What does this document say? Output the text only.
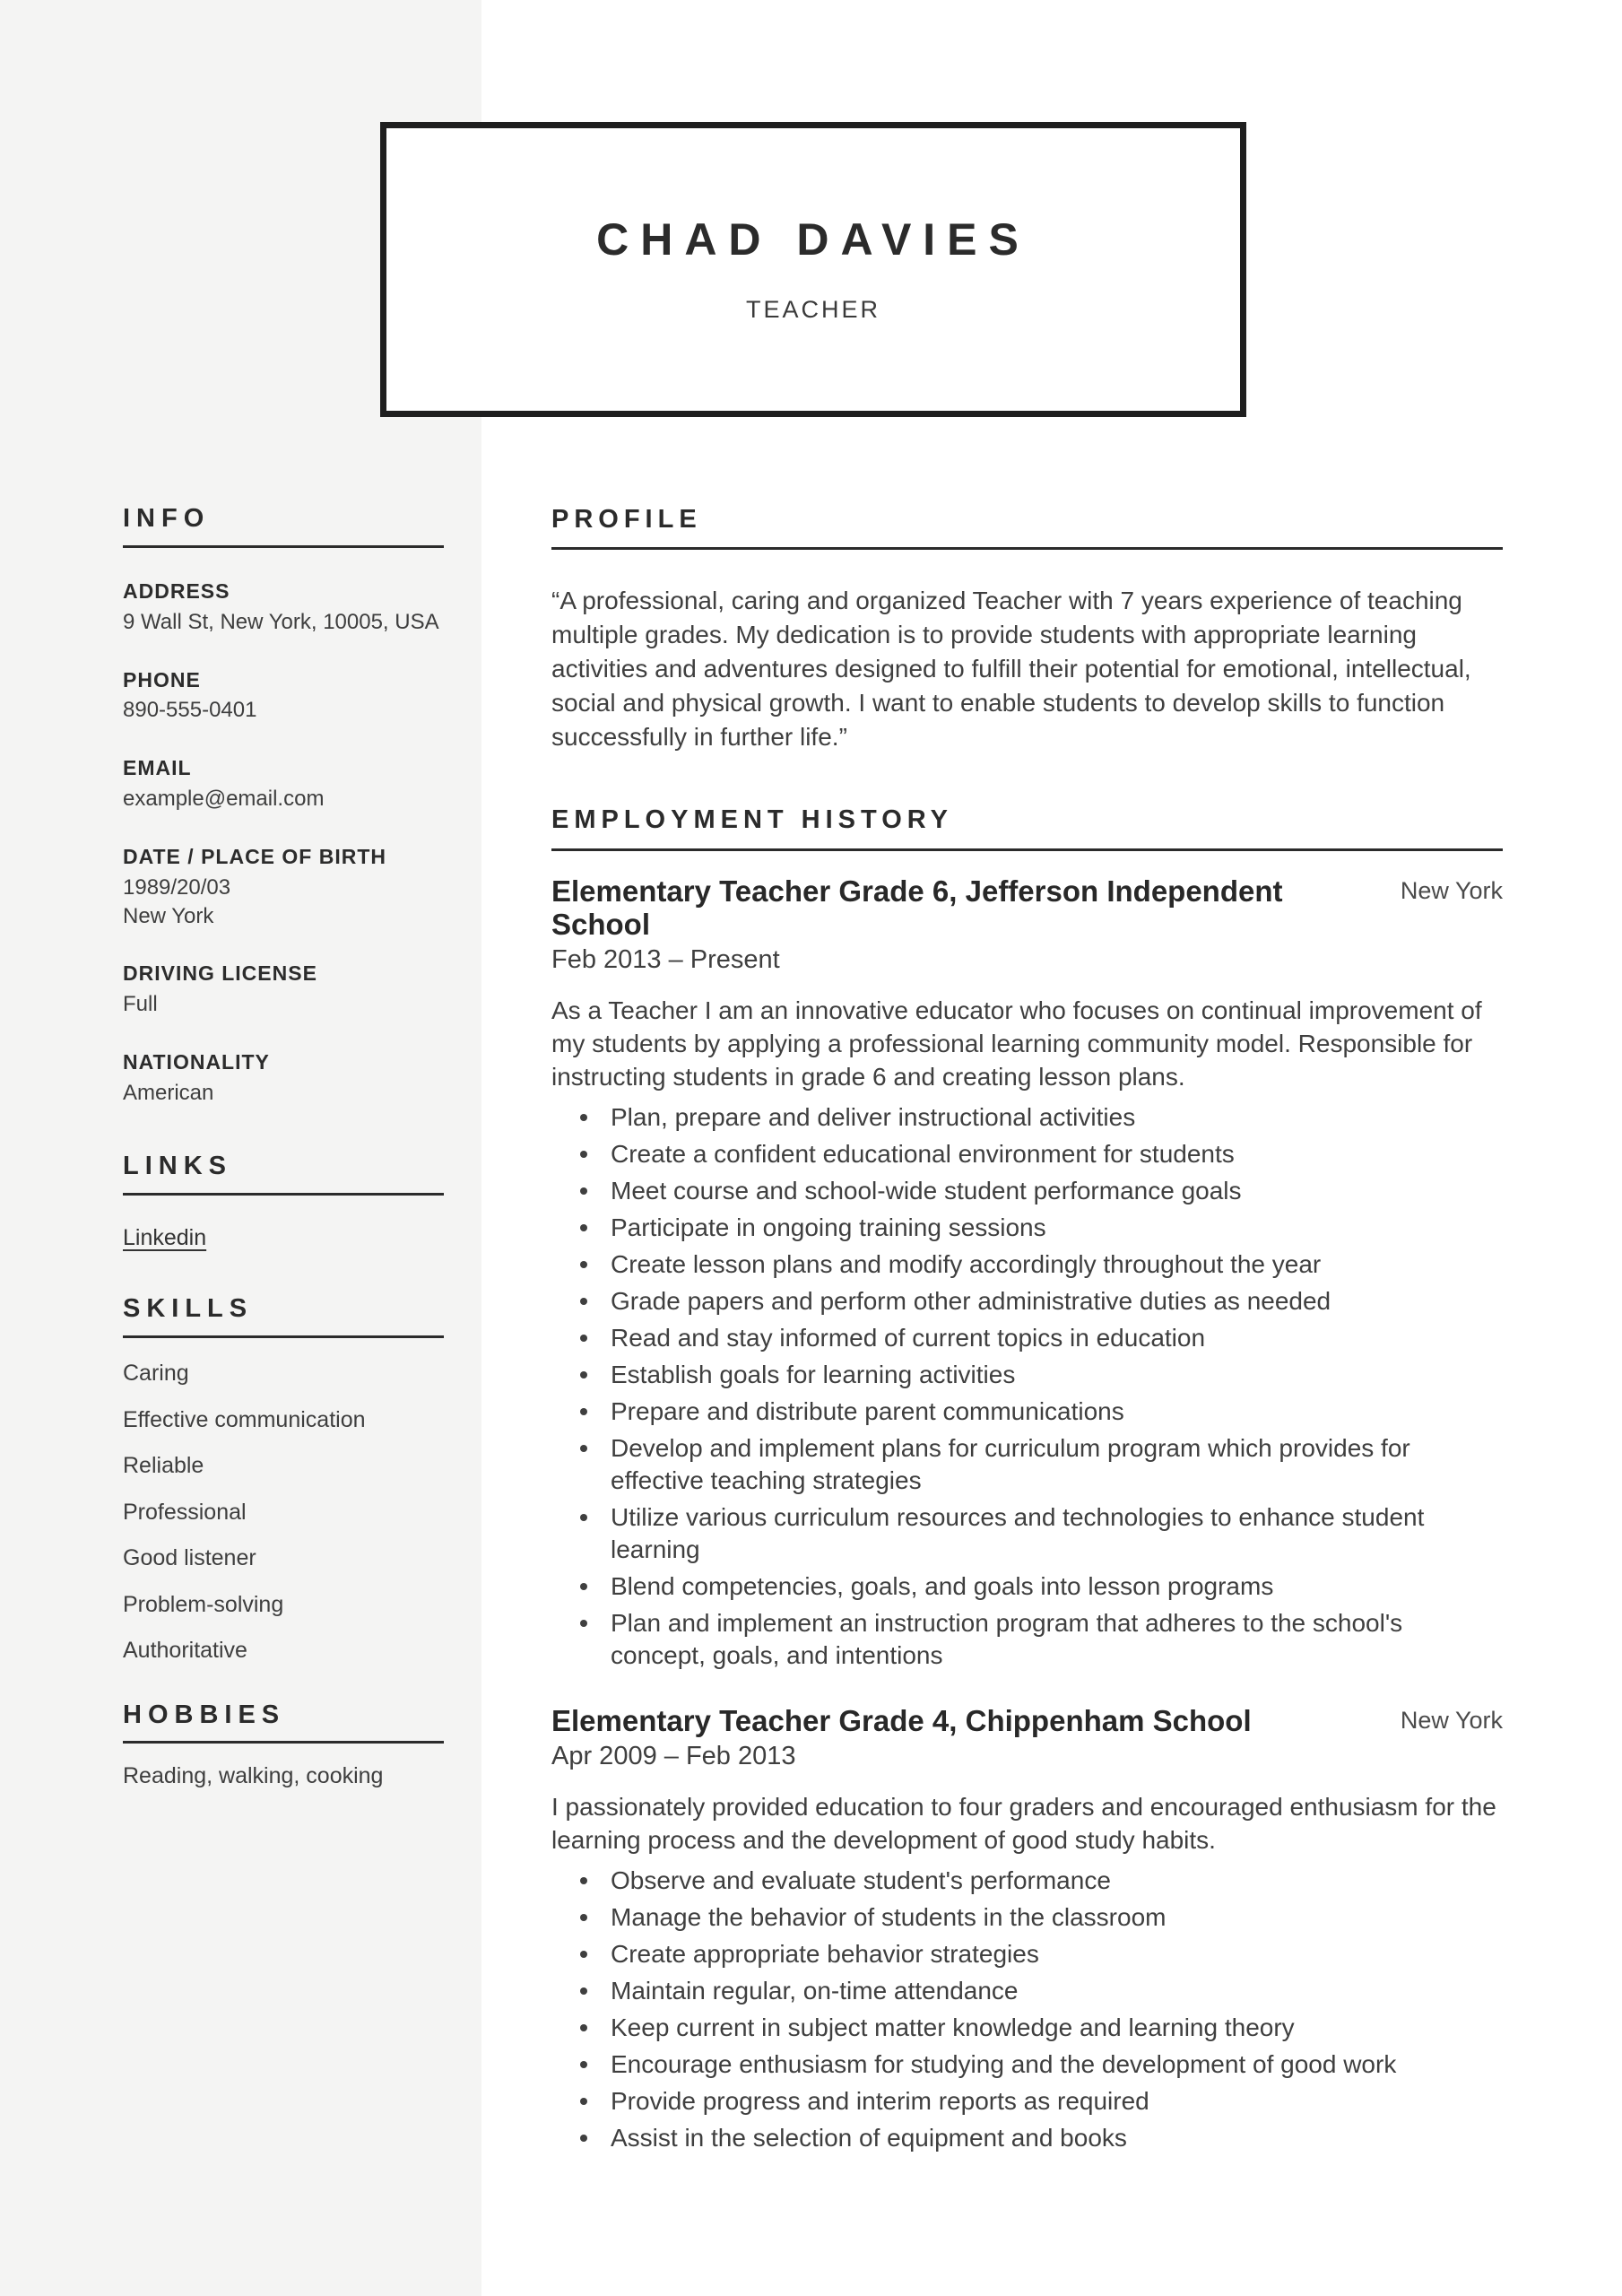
CHAD DAVIES
TEACHER
INFO
ADDRESS
9 Wall St, New York, 10005, USA
PHONE
890-555-0401
EMAIL
example@email.com
DATE / PLACE OF BIRTH
1989/20/03
New York
DRIVING LICENSE
Full
NATIONALITY
American
LINKS
Linkedin
SKILLS
Caring
Effective communication
Reliable
Professional
Good listener
Problem-solving
Authoritative
HOBBIES
Reading, walking, cooking
PROFILE

“A professional, caring and organized Teacher with 7 years experience of teaching multiple grades. My dedication is to provide students with appropriate learning activities and adventures designed to fulfill their potential for emotional, intellectual, social and physical growth. I want to enable students to develop skills to function successfully in further life.”

EMPLOYMENT HISTORY
Elementary Teacher Grade 6, Jefferson Independent School
New York
Feb 2013 – Present

As a Teacher I am an innovative educator who focuses on continual improvement of my students by applying a professional learning community model. Responsible for instructing students in grade 6 and creating lesson plans.

Plan, prepare and deliver instructional activities
Create a confident educational environment for students
Meet course and school-wide student performance goals
Participate in ongoing training sessions
Create lesson plans and modify accordingly throughout the year
Grade papers and perform other administrative duties as needed
Read and stay informed of current topics in education
Establish goals for learning activities
Prepare and distribute parent communications
Develop and implement plans for curriculum program which provides for effective teaching strategies
Utilize various curriculum resources and technologies to enhance student learning
Blend competencies, goals, and goals into lesson programs
Plan and implement an instruction program that adheres to the school's concept, goals, and intentions
Elementary Teacher Grade 4, Chippenham School	New York
Apr 2009 – Feb 2013

I passionately provided education to four graders and encouraged enthusiasm for the learning process and the development of good study habits.

Observe and evaluate student's performance
Manage the behavior of students in the classroom
Create appropriate behavior strategies
Maintain regular, on-time attendance
Keep current in subject matter knowledge and learning theory
Encourage enthusiasm for studying and the development of good work
Provide progress and interim reports as required
Assist in the selection of equipment and books
